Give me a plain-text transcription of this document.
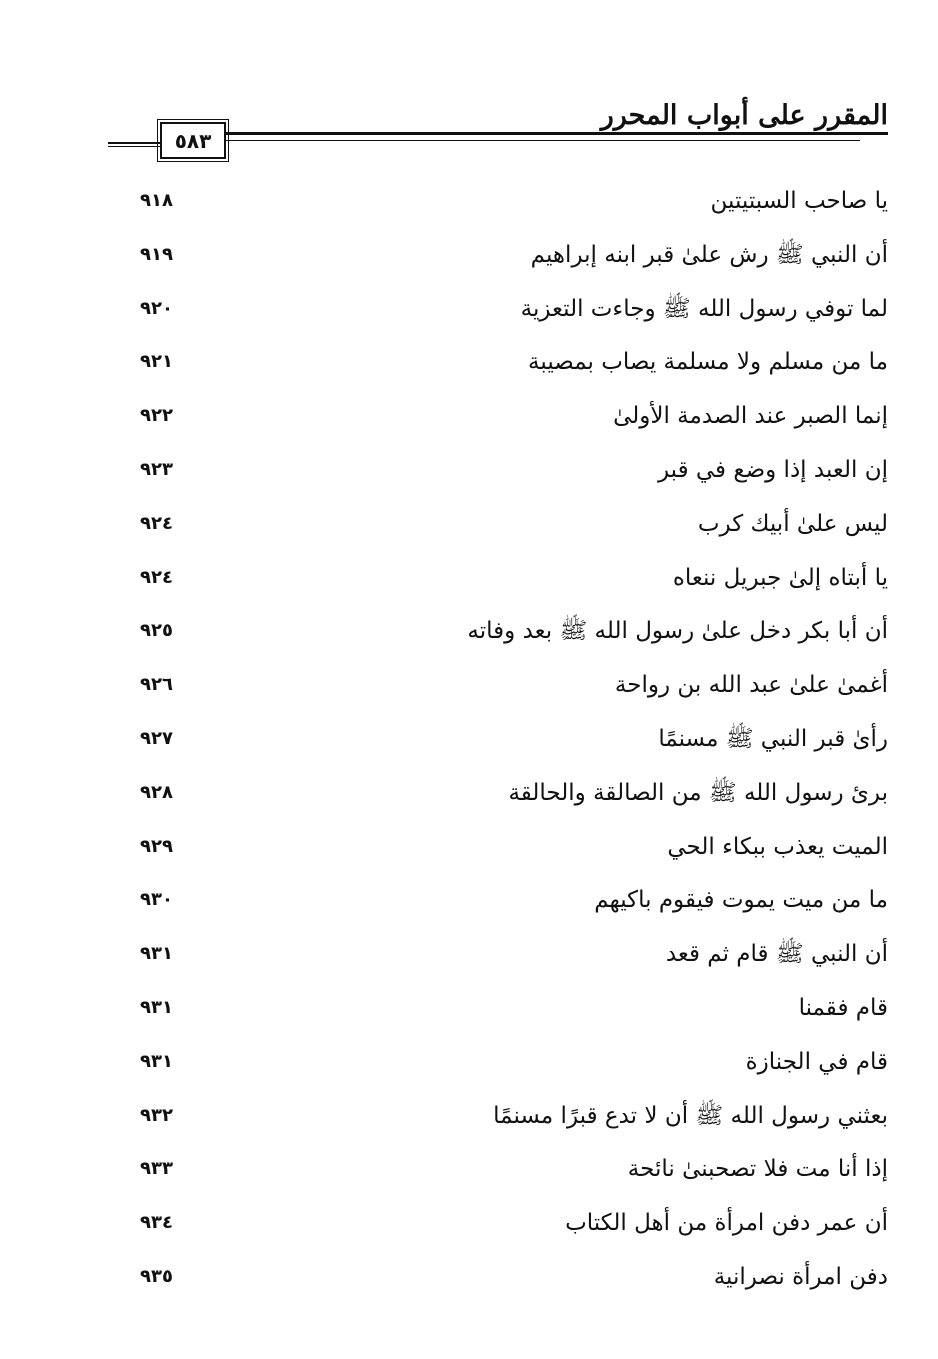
المقرر على أبواب المحرر
٥٨٣
يا صاحب السبتيتين
٩١٨
أن النبي ﷺ رش علىٰ قبر ابنه إبراهيم
٩١٩
لما توفي رسول الله ﷺ وجاءت التعزية
٩٢٠
ما من مسلم ولا مسلمة يصاب بمصيبة
٩٢١
إنما الصبر عند الصدمة الأولىٰ
٩٢٢
إن العبد إذا وضع في قبر
٩٢٣
ليس علىٰ أبيك كرب
٩٢٤
يا أبتاه إلىٰ جبريل ننعاه
٩٢٤
أن أبا بكر دخل علىٰ رسول الله ﷺ بعد وفاته
٩٢٥
أغمىٰ علىٰ عبد الله بن رواحة
٩٢٦
رأىٰ قبر النبي ﷺ مسنمًا
٩٢٧
برئ رسول الله ﷺ من الصالقة والحالقة
٩٢٨
الميت يعذب ببكاء الحي
٩٢٩
ما من ميت يموت فيقوم باكيهم
٩٣٠
أن النبي ﷺ قام ثم قعد
٩٣١
قام فقمنا
٩٣١
قام في الجنازة
٩٣١
بعثني رسول الله ﷺ أن لا تدع قبرًا مسنمًا
٩٣٢
إذا أنا مت فلا تصحبنىٰ نائحة
٩٣٣
أن عمر دفن امرأة من أهل الكتاب
٩٣٤
دفن امرأة نصرانية
٩٣٥
